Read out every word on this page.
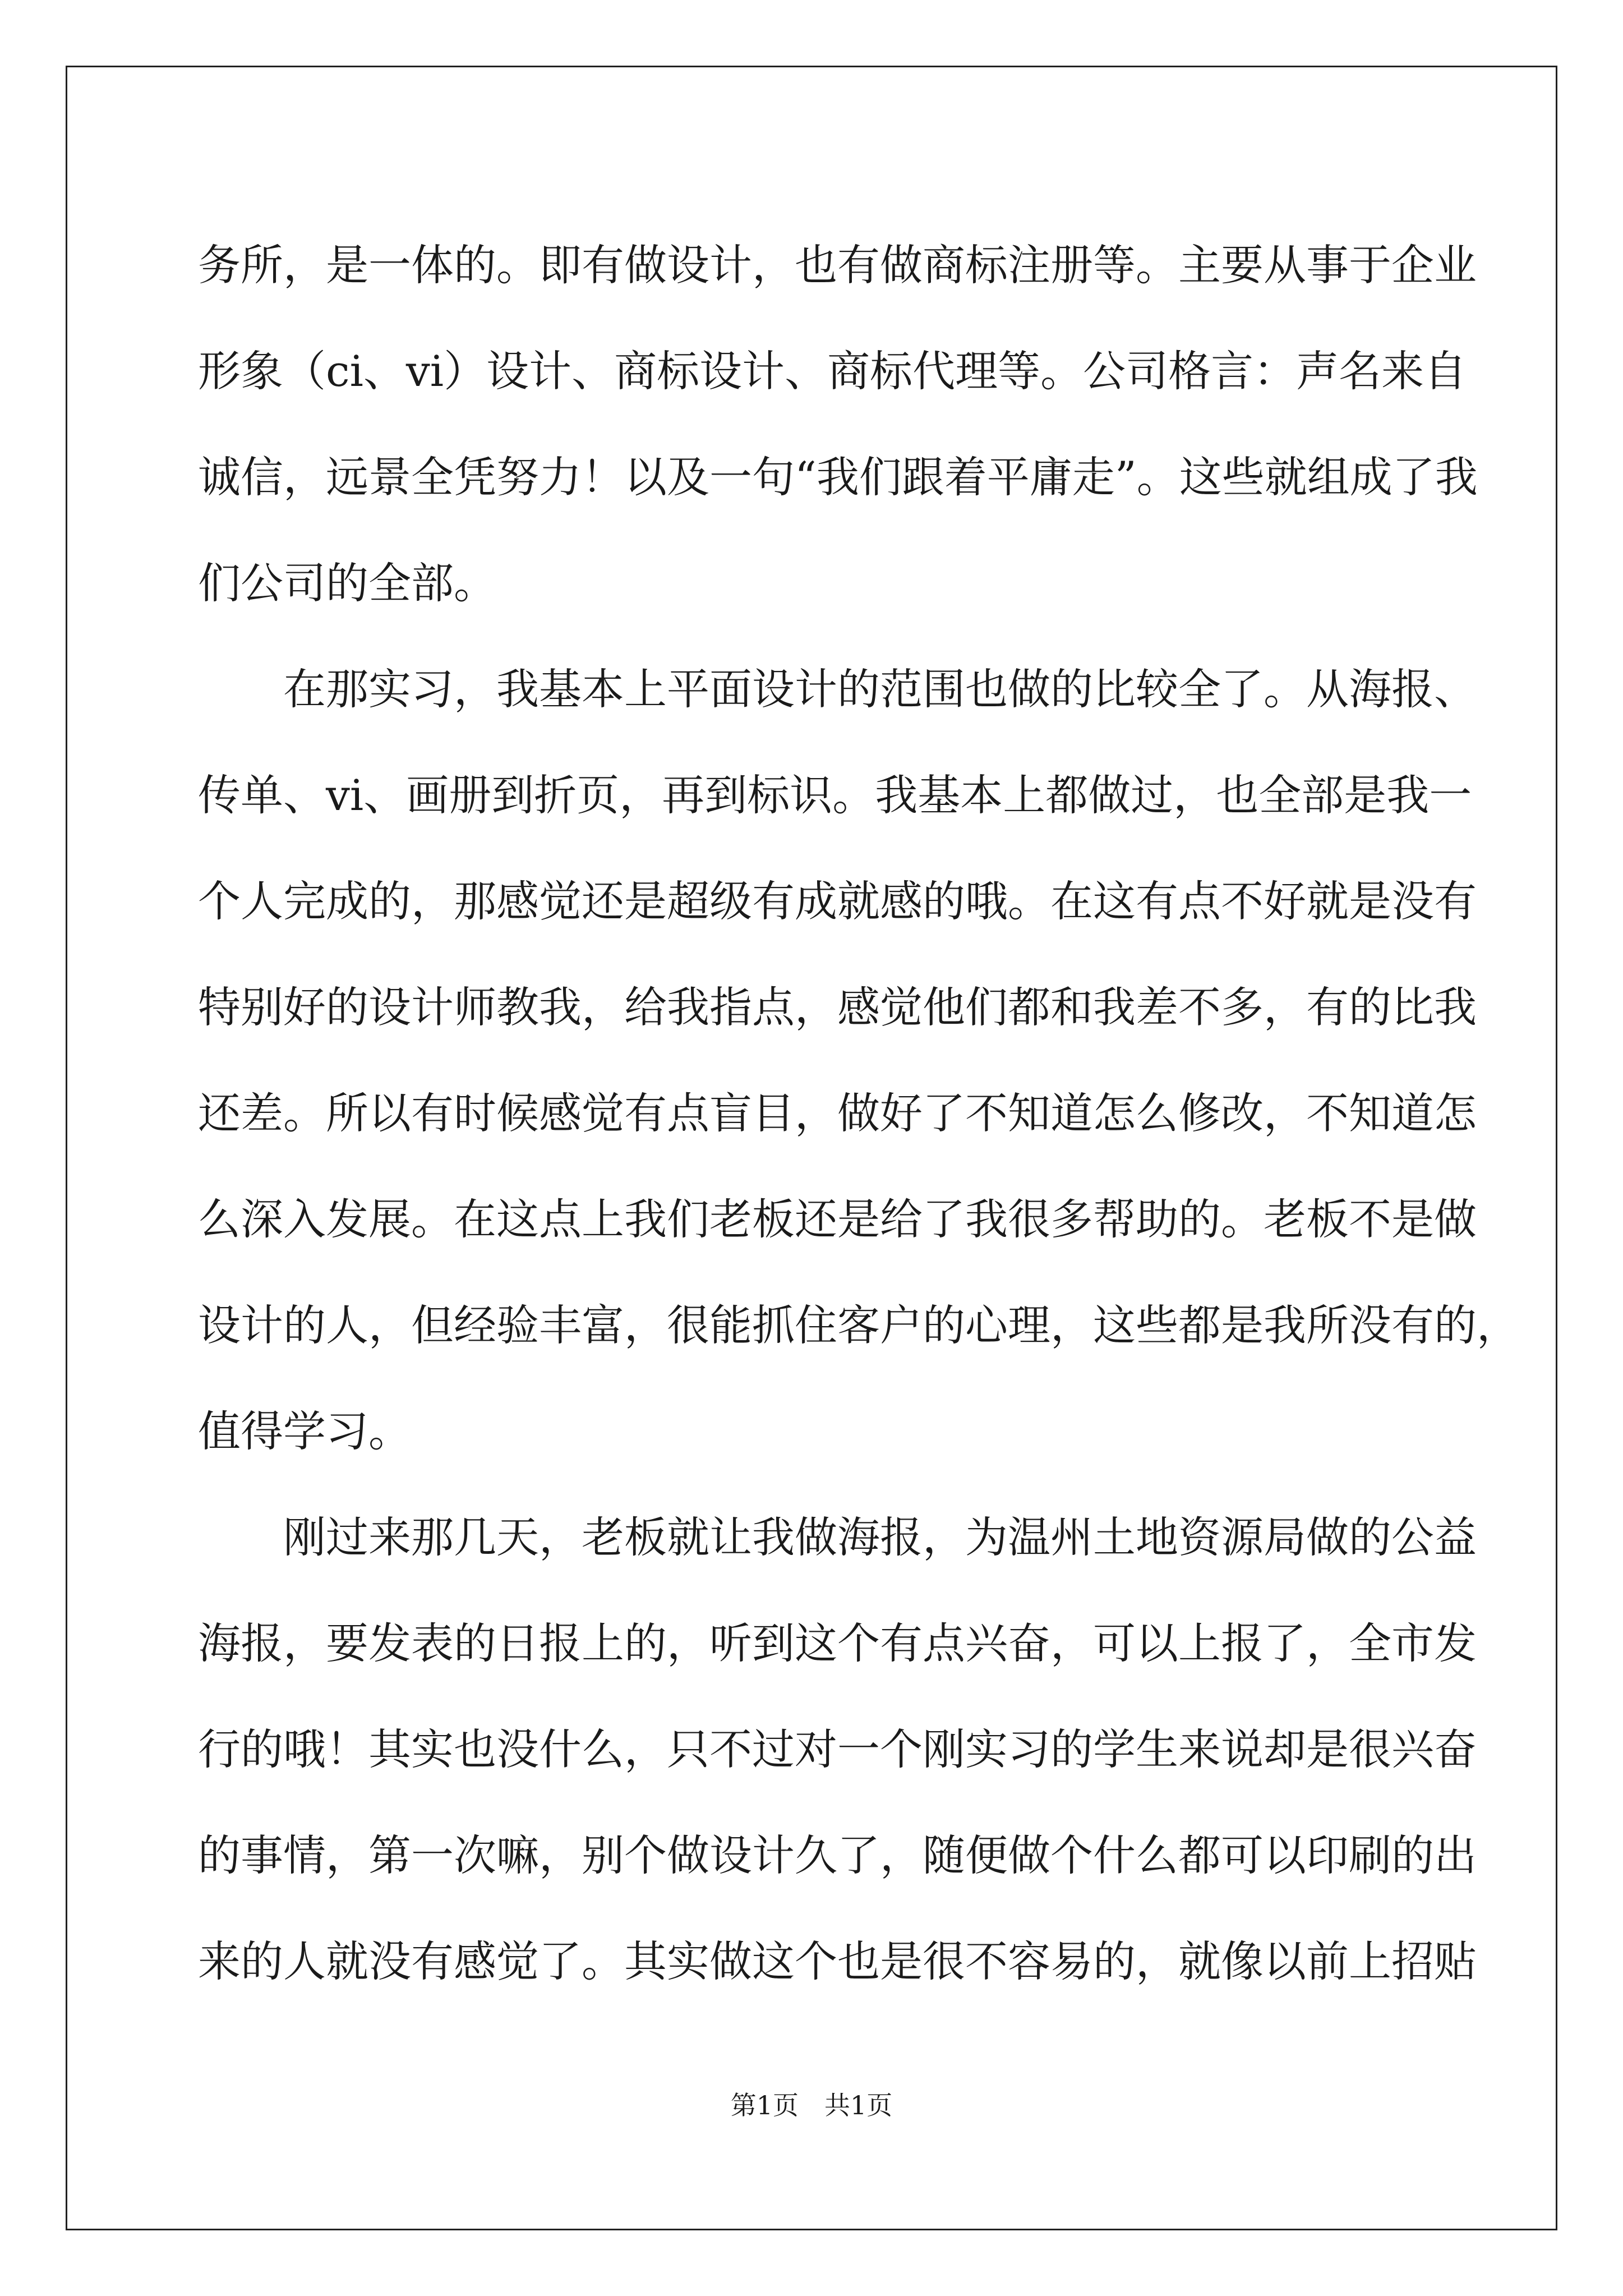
务所，是一体的。即有做设计，也有做商标注册等。主要从事于企业
形象（ci、vi）设计、商标设计、商标代理等。公司格言：声名来自
诚信，远景全凭努力！以及一句“我们跟着平庸走”。这些就组成了我
们公司的全部。
在那实习，我基本上平面设计的范围也做的比较全了。从海报、
传单、vi、画册到折页，再到标识。我基本上都做过，也全部是我一
个人完成的，那感觉还是超级有成就感的哦。在这有点不好就是没有
特别好的设计师教我，给我指点，感觉他们都和我差不多，有的比我
还差。所以有时候感觉有点盲目，做好了不知道怎么修改，不知道怎
么深入发展。在这点上我们老板还是给了我很多帮助的。老板不是做
设计的人，但经验丰富，很能抓住客户的心理，这些都是我所没有的，
值得学习。
刚过来那几天，老板就让我做海报，为温州土地资源局做的公益
海报，要发表的日报上的，听到这个有点兴奋，可以上报了，全市发
行的哦！其实也没什么，只不过对一个刚实习的学生来说却是很兴奋
的事情，第一次嘛，别个做设计久了，随便做个什么都可以印刷的出
来的人就没有感觉了。其实做这个也是很不容易的，就像以前上招贴
第1页　共1页
